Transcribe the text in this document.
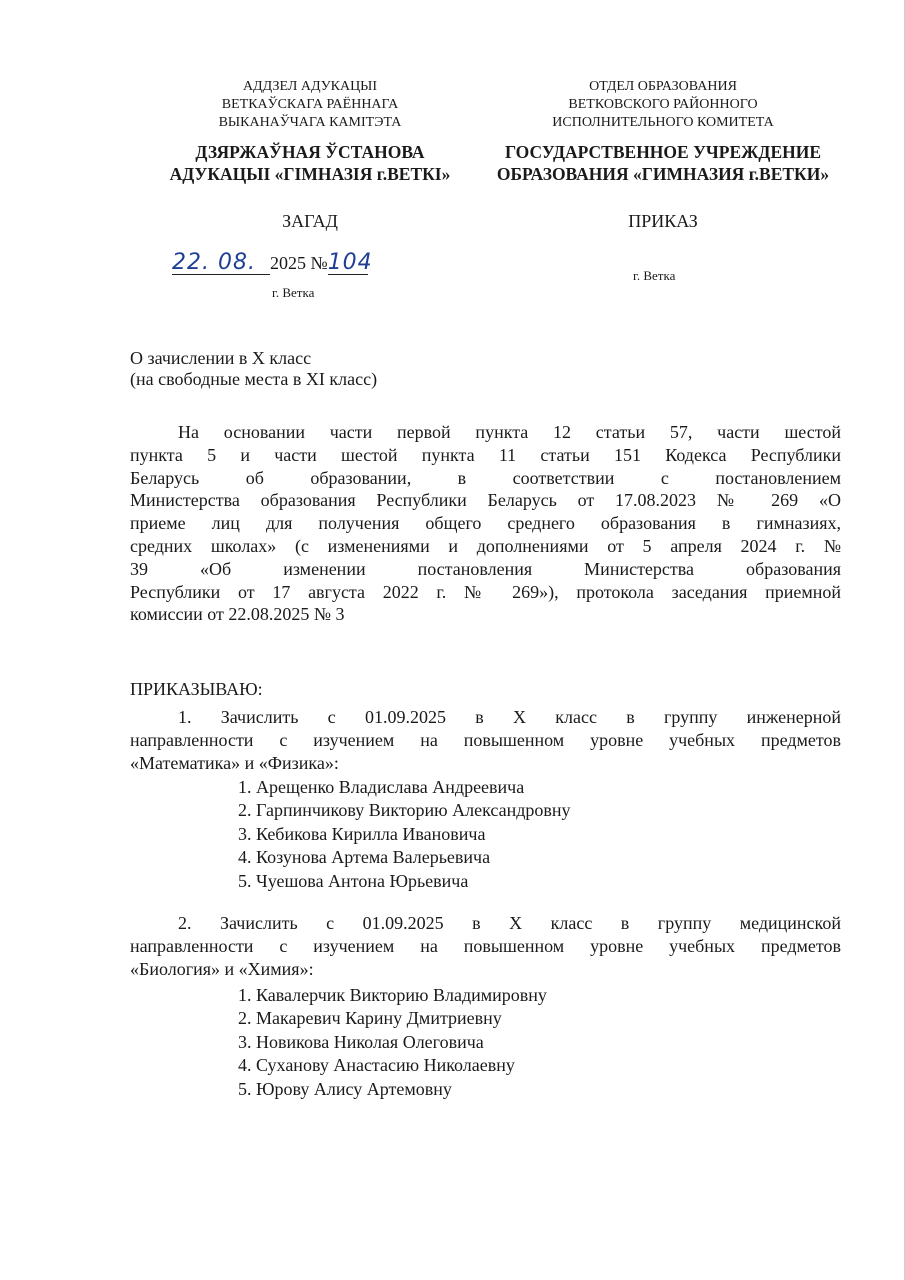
АДДЗЕЛ АДУКАЦЫІ
ВЕТКАЎСКАГА РАЁННАГА
ВЫКАНАЎЧАГА КАМІТЭТА
ДЗЯРЖАЎНАЯ ЎСТАНОВА
АДУКАЦЫІ «ГІМНАЗІЯ г.ВЕТКІ»
ОТДЕЛ ОБРАЗОВАНИЯ
ВЕТКОВСКОГО РАЙОННОГО
ИСПОЛНИТЕЛЬНОГО КОМИТЕТА
ГОСУДАРСТВЕННОЕ УЧРЕЖДЕНИЕ
ОБРАЗОВАНИЯ «ГИМНАЗИЯ г.ВЕТКИ»
ЗАГАД	ПРИКАЗ
22. 08. 2025 №104
г. Ветка
г. Ветка
О зачислении в Х класс
(на свободные места в XI класс)
На основании части первой пункта 12 статьи 57, части шестой
пункта 5 и части шестой пункта 11 статьи 151 Кодекса Республики
Беларусь об образовании, в соответствии с постановлением
Министерства образования Республики Беларусь от 17.08.2023 № 269 «О
приеме лиц для получения общего среднего образования в гимназиях,
средних школах» (с изменениями и дополнениями от 5 апреля 2024 г. №
39 «Об изменении постановления Министерства образования
Республики от 17 августа 2022 г. № 269»), протокола заседания приемной
комиссии от 22.08.2025 № 3
ПРИКАЗЫВАЮ:
1. Зачислить с 01.09.2025 в Х класс в группу инженерной
направленности с изучением на повышенном уровне учебных предметов
«Математика» и «Физика»:
1. Арещенко Владислава Андреевича
2. Гарпинчикову Викторию Александровну
3. Кебикова Кирилла Ивановича
4. Козунова Артема Валерьевича
5. Чуешова Антона Юрьевича
2. Зачислить с 01.09.2025 в Х класс в группу медицинской
направленности с изучением на повышенном уровне учебных предметов
«Биология» и «Химия»:
1. Кавалерчик Викторию Владимировну
2. Макаревич Карину Дмитриевну
3. Новикова Николая Олеговича
4. Суханову Анастасию Николаевну
5. Юрову Алису Артемовну
